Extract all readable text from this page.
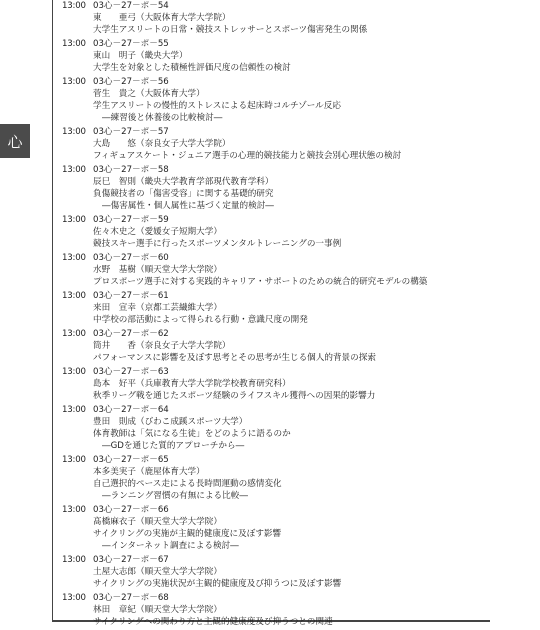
心
13:00 03心－27－ポ－54
東　　亜弓（大阪体育大学大学院）
大学生アスリートの日常・競技ストレッサーとスポーツ傷害発生の関係
13:00 03心－27－ポ－55
東山　明子（畿央大学）
大学生を対象とした積極性評価尺度の信頼性の検討
13:00 03心－27－ポ－56
菅生　貴之（大阪体育大学）
学生アスリートの慢性的ストレスによる起床時コルチゾール反応
―練習後と休養後の比較検討―
13:00 03心－27－ポ－57
大島　　悠（奈良女子大学大学院）
フィギュアスケート・ジュニア選手の心理的競技能力と競技会別心理状態の検討
13:00 03心－27－ポ－58
辰巳　智則（畿央大学教育学部現代教育学科）
負傷競技者の「傷害受容」に関する基礎的研究
―傷害属性・個人属性に基づく定量的検討―
13:00 03心－27－ポ－59
佐々木史之（愛媛女子短期大学）
競技スキー選手に行ったスポーツメンタルトレーニングの一事例
13:00 03心－27－ポ－60
水野　基樹（順天堂大学大学院）
プロスポーツ選手に対する実践的キャリア・サポートのための統合的研究モデルの構築
13:00 03心－27－ポ－61
来田　宣幸（京都工芸繊維大学）
中学校の部活動によって得られる行動・意識尺度の開発
13:00 03心－27－ポ－62
筒井　　香（奈良女子大学大学院）
パフォーマンスに影響を及ぼす思考とその思考が生じる個人的背景の探索
13:00 03心－27－ポ－63
島本　好平（兵庫教育大学大学院学校教育研究科）
秋季リーグ戦を通じたスポーツ経験のライフスキル獲得への因果的影響力
13:00 03心－27－ポ－64
豊田　則成（びわこ成蹊スポーツ大学）
体育教師は「気になる生徒」をどのように語るのか
―GDを通じた質的アプローチから―
13:00 03心－27－ポ－65
本多美実子（鹿屋体育大学）
自己選択的ペース走による長時間運動の感情変化
―ランニング習慣の有無による比較―
13:00 03心－27－ポ－66
髙橋麻衣子（順天堂大学大学院）
サイクリングの実施が主観的健康度に及ぼす影響
―インターネット調査による検討―
13:00 03心－27－ポ－67
土屋大志郎（順天堂大学大学院）
サイクリングの実施状況が主観的健康度及び抑うつに及ぼす影響
13:00 03心－27－ポ－68
林田　章紀（順天堂大学大学院）
サイクリングへの関わり方と主観的健康度及び抑うつとの関連
